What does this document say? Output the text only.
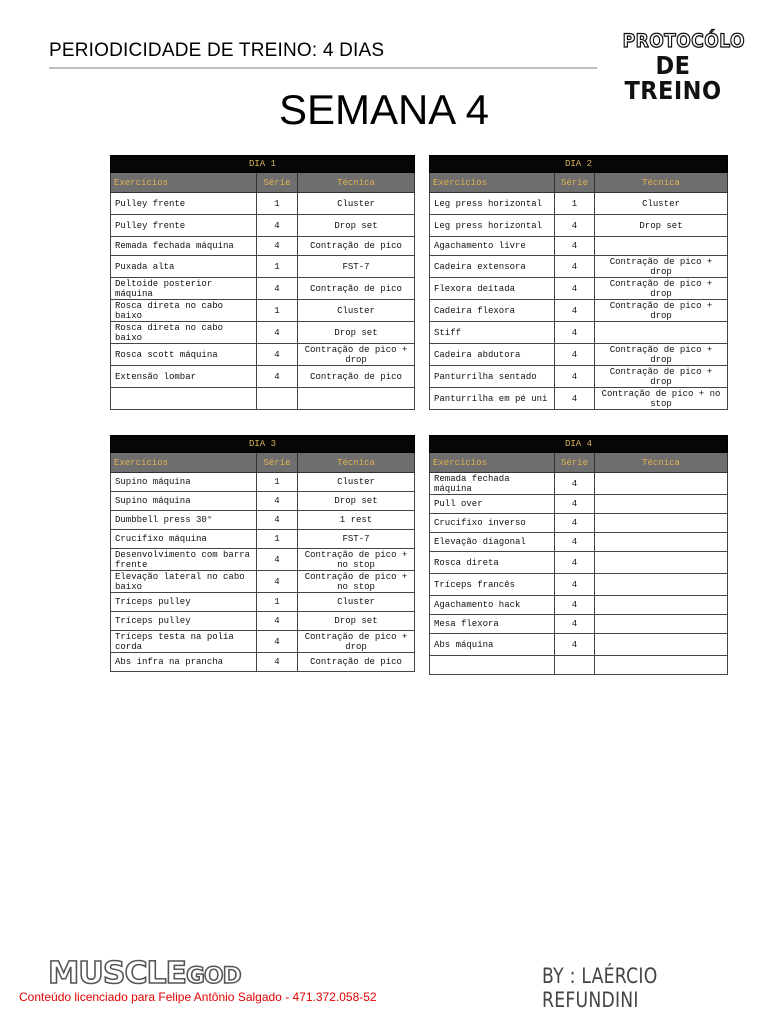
PERIODICIDADE DE TREINO: 4 DIAS	PROTOCÓLO
DE TREINO
SEMANA 4
DIA 1		
Exercícios	Série	Técnica
Pulley frente	1	Cluster
Pulley frente	4	Drop set
Remada fechada máquina	4	Contração de pico
Puxada alta	1	FST-7
Deltoide posterior máquina	4	Contração de pico
Rosca direta no cabo baixo	1	Cluster
Rosca direta no cabo baixo	4	Drop set
Rosca scott máquina	4	Contração de pico + drop
Extensão lombar	4	Contração de pico

DIA 2		
Exercícios	Série	Técnica
Leg press horizontal	1	Cluster
Leg press horizontal	4	Drop set
Agachamento livre	4	
Cadeira extensora	4	Contração de pico + drop
Flexora deitada	4	Contração de pico + drop
Cadeira flexora	4	Contração de pico + drop
Stiff	4	
Cadeira abdutora	4	Contração de pico + drop
Panturrilha sentado	4	Contração de pico + drop
Panturrilha em pé uni	4	Contração de pico + no stop
DIA 3		
Exercícios	Série	Técnica
Supino máquina	1	Cluster
Supino máquina	4	Drop set
Dumbbell press 30°	4	1 rest
Crucifixo máquina	1	FST-7
Desenvolvimento com barra frente	4	Contração de pico + no stop
Elevação lateral no cabo baixo	4	Contração de pico + no stop
Tríceps pulley	1	Cluster
Tríceps pulley	4	Drop set
Tríceps testa na polia corda	4	Contração de pico + drop
Abs infra na prancha	4	Contração de pico
DIA 4		
Exercícios	Série	Técnica
Remada fechada máquina	4	
Pull over	4	
Crucifixo inverso	4	
Elevação diagonal	4	
Rosca direta	4	
Tríceps francês	4	
Agachamento hack	4	
Mesa flexora	4	
Abs máquina	4	

MUSCLEGOD	BY : LAÉRCIO REFUNDINI
Conteúdo licenciado para Felipe Antônio Salgado - 471.372.058-52
